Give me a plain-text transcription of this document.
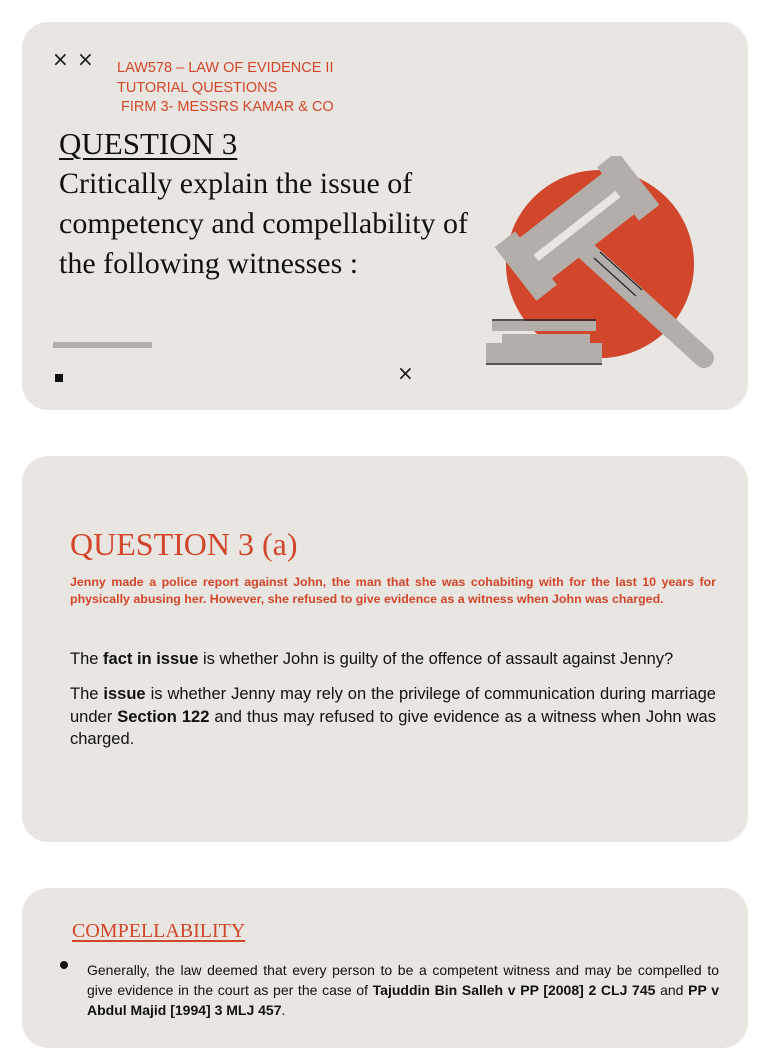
× × LAW578 – LAW OF EVIDENCE II
TUTORIAL QUESTIONS
FIRM 3- MESSRS KAMAR & CO
QUESTION 3
Critically explain the issue of competency and compellability of the following witnesses :
×
QUESTION 3 (a)
Jenny made a police report against John, the man that she was cohabiting with for the last 10 years for physically abusing her. However, she refused to give evidence as a witness when John was charged.
The fact in issue is whether John is guilty of the offence of assault against Jenny?
The issue is whether Jenny may rely on the privilege of communication during marriage under Section 122 and thus may refused to give evidence as a witness when John was charged.
COMPELLABILITY
Generally, the law deemed that every person to be a competent witness and may be compelled to give evidence in the court as per the case of Tajuddin Bin Salleh v PP [2008] 2 CLJ 745 and PP v Abdul Majid [1994] 3 MLJ 457.
